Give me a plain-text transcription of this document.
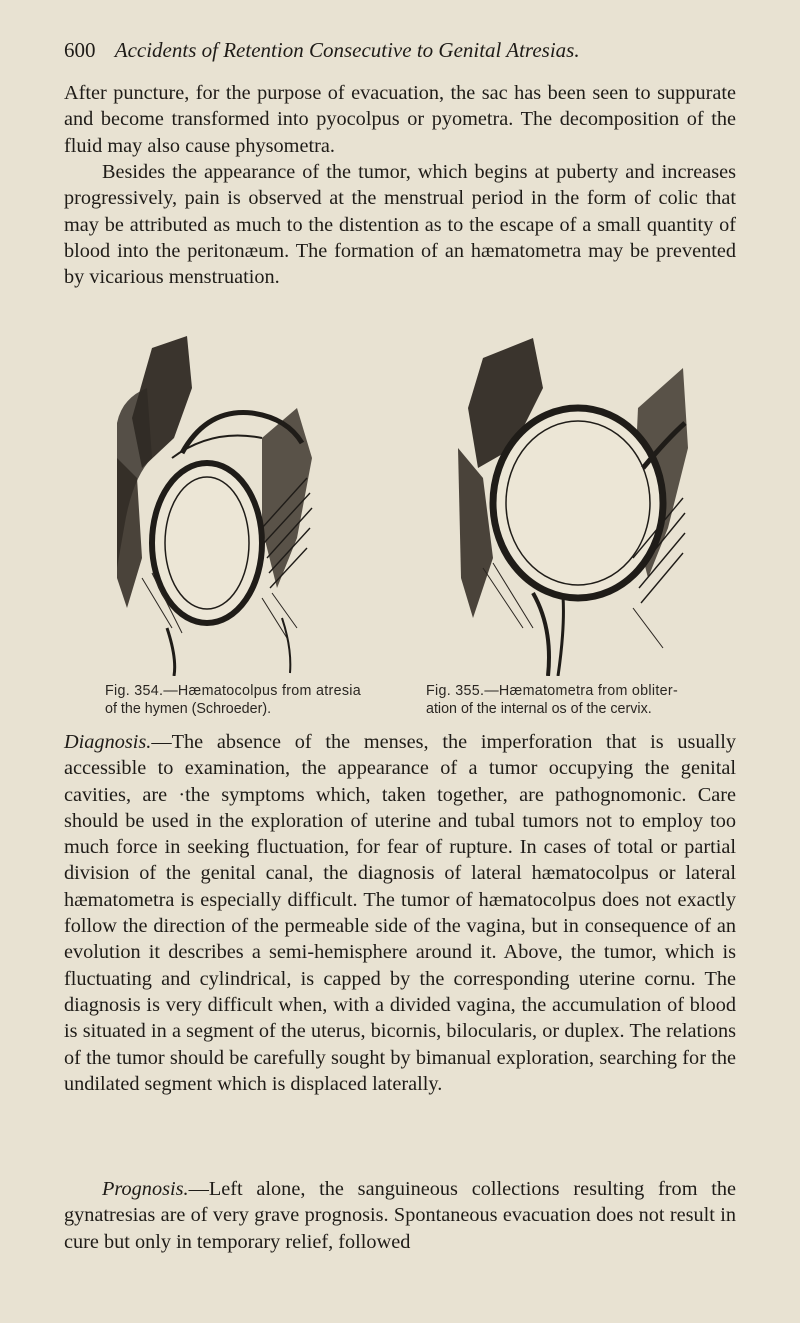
600 Accidents of Retention Consecutive to Genital Atresias.

After puncture, for the purpose of evacuation, the sac has been seen to suppurate and become transformed into pyocolpus or pyometra. The decomposition of the fluid may also cause physometra.

Besides the appearance of the tumor, which begins at puberty and increases progressively, pain is observed at the menstrual period in the form of colic that may be attributed as much to the distention as to the escape of a small quantity of blood into the peritonæum. The formation of an hæmatometra may be prevented by vicarious menstruation.

Fig. 354.—Hæmatocolpus from atresia
of the hymen (Schroeder).
Fig. 355.—Hæmatometra from obliter-
ation of the internal os of the cervix.

Diagnosis.—The absence of the menses, the imperforation that is usually accessible to examination, the appearance of a tumor occupying the genital cavities, are ·the symptoms which, taken together, are pathognomonic. Care should be used in the exploration of uterine and tubal tumors not to employ too much force in seeking fluctuation, for fear of rupture. In cases of total or partial division of the genital canal, the diagnosis of lateral hæmatocolpus or lateral hæmatometra is especially difficult. The tumor of hæmatocolpus does not exactly follow the direction of the permeable side of the vagina, but in consequence of an evolution it describes a semi-hemisphere around it. Above, the tumor, which is fluctuating and cylindrical, is capped by the corresponding uterine cornu. The diagnosis is very difficult when, with a divided vagina, the accumulation of blood is situated in a segment of the uterus, bicornis, bilocularis, or duplex. The relations of the tumor should be carefully sought by bimanual exploration, searching for the undilated segment which is displaced laterally.

Prognosis.—Left alone, the sanguineous collections resulting from the gynatresias are of very grave prognosis. Spontaneous evacuation does not result in cure but only in temporary relief, followed
